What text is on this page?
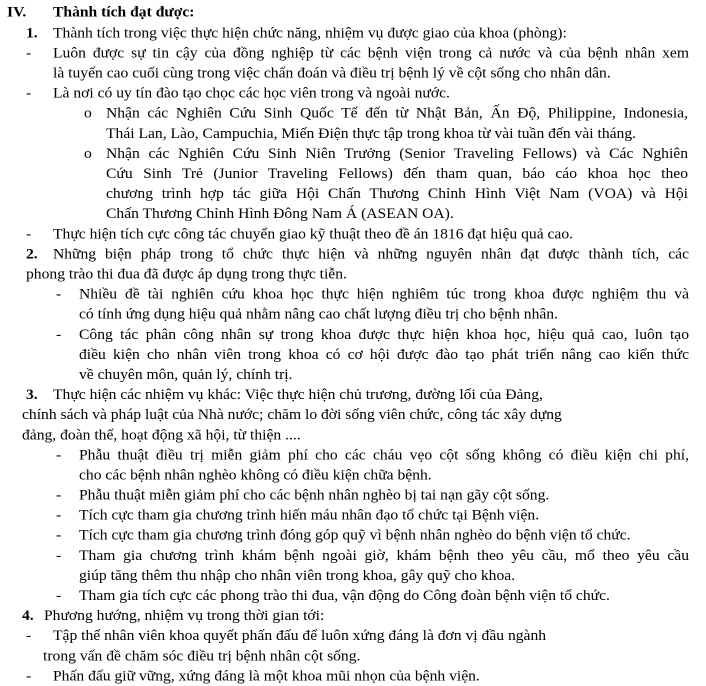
IV. Thành tích đạt được:
1. Thành tích trong việc thực hiện chức năng, nhiệm vụ được giao của khoa (phòng):
- Luôn được sự tin cậy của đồng nghiệp từ các bệnh viện trong cả nước và của bệnh nhân xem
là tuyến cao cuối cùng trong việc chẩn đoán và điều trị bệnh lý về cột sống cho nhân dân.
- Là nơi có uy tín đào tạo chọc các học viên trong và ngoài nước.
o Nhận các Nghiên Cứu Sinh Quốc Tế đến từ Nhật Bản, Ấn Độ, Philippine, Indonesia,
Thái Lan, Lào, Campuchia, Miến Điện thực tập trong khoa từ vài tuần đến vài tháng.
o Nhận các Nghiên Cứu Sinh Niên Trưởng (Senior Traveling Fellows) và Các Nghiên
Cứu Sinh Trẻ (Junior Traveling Fellows) đến tham quan, báo cáo khoa học theo
chương trình hợp tác giữa Hội Chấn Thương Chỉnh Hình Việt Nam (VOA) và Hội
Chấn Thương Chỉnh Hình Đông Nam Á (ASEAN OA).
- Thực hiện tích cực công tác chuyển giao kỹ thuật theo đề án 1816 đạt hiệu quả cao.
2. Những biện pháp trong tổ chức thực hiện và những nguyên nhân đạt được thành tích, các
phong trào thi đua đã được áp dụng trong thực tiễn.
- Nhiều đề tài nghiên cứu khoa học thực hiện nghiêm túc trong khoa được nghiệm thu và
có tính ứng dụng hiệu quả nhằm nâng cao chất lượng điều trị cho bệnh nhân.
- Công tác phân công nhân sự trong khoa được thực hiện khoa học, hiệu quả cao, luôn tạo
điều kiện cho nhân viên trong khoa có cơ hội được đào tạo phát triển nâng cao kiến thức
về chuyên môn, quản lý, chính trị.
3. Thực hiện các nhiệm vụ khác: Việc thực hiện chủ trương, đường lối của Đảng,
chính sách và pháp luật của Nhà nước; chăm lo đời sống viên chức, công tác xây dựng
đảng, đoàn thể, hoạt động xã hội, từ thiện ....
- Phẫu thuật điều trị miễn giảm phí cho các cháu vẹo cột sống không có điều kiện chi phí,
cho các bệnh nhân nghèo không có điều kiện chữa bệnh.
- Phẫu thuật miễn giảm phí cho các bệnh nhân nghèo bị tai nạn gãy cột sống.
- Tích cực tham gia chương trình hiến máu nhân đạo tổ chức tại Bệnh viện.
- Tích cực tham gia chương trình đóng góp quỹ vì bệnh nhân nghèo do bệnh viện tổ chức.
- Tham gia chương trình khám bệnh ngoài giờ, khám bệnh theo yêu cầu, mổ theo yêu cầu
giúp tăng thêm thu nhập cho nhân viên trong khoa, gây quỹ cho khoa.
- Tham gia tích cực các phong trào thi đua, vận động do Công đoàn bệnh viện tổ chức.
4. Phương hướng, nhiệm vụ trong thời gian tới:
- Tập thể nhân viên khoa quyết phấn đấu để luôn xứng đáng là đơn vị đầu ngành
trong vấn đề chăm sóc điều trị bệnh nhân cột sống.
- Phấn đấu giữ vững, xứng đáng là một khoa mũi nhọn của bệnh viện.
